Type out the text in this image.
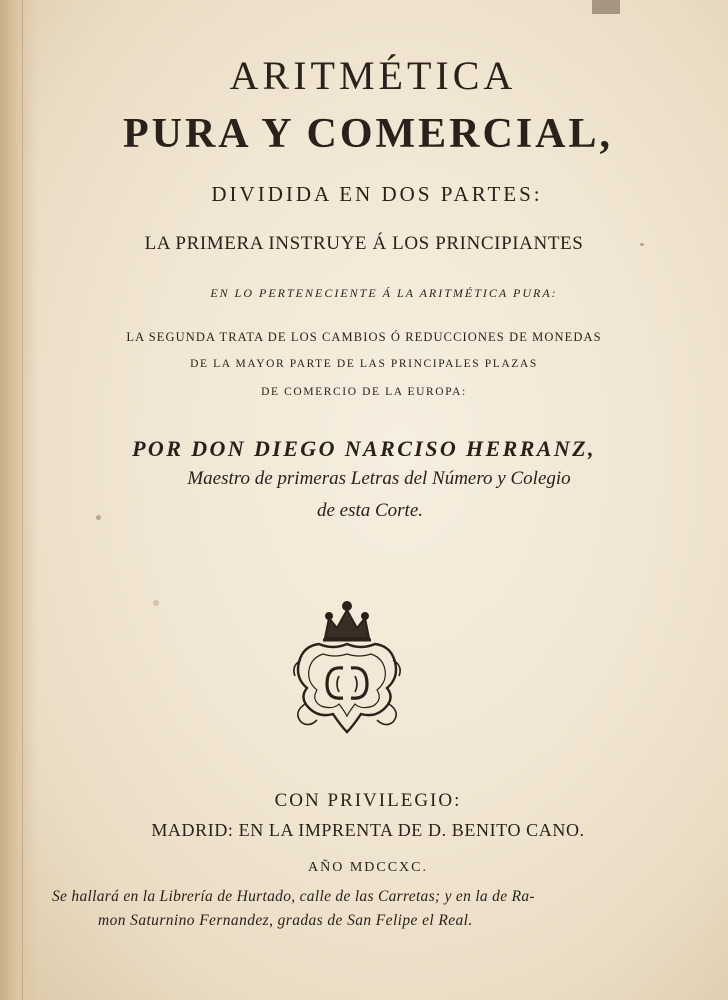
ARITMÉTICA
PURA Y COMERCIAL,
DIVIDIDA EN DOS PARTES:
LA PRIMERA INSTRUYE Á LOS PRINCIPIANTES
EN LO PERTENECIENTE Á LA ARITMÉTICA PURA:
LA SEGUNDA TRATA DE LOS CAMBIOS Ó REDUCCIONES DE MONEDAS
DE LA MAYOR PARTE DE LAS PRINCIPALES PLAZAS
DE COMERCIO DE LA EUROPA:
POR DON DIEGO NARCISO HERRANZ,
Maestro de primeras Letras del Número y Colegio
de esta Corte.
CON PRIVILEGIO:
MADRID: EN LA IMPRENTA DE D. BENITO CANO.
AÑO MDCCXC.
Se hallará en la Librería de Hurtado, calle de las Carretas; y en la de Ra-
mon Saturnino Fernandez, gradas de San Felipe el Real.
